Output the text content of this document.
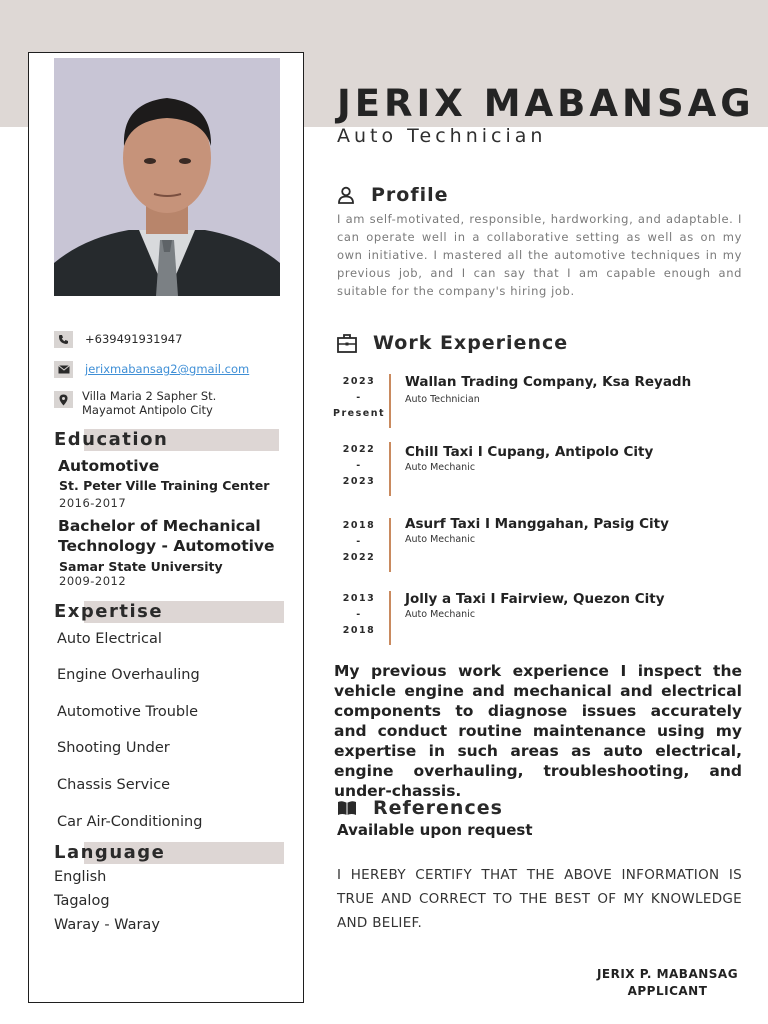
JERIX MABANSAG
Auto Technician
Profile
I am self-motivated, responsible, hardworking, and adaptable. I can operate well in a collaborative setting as well as on my own initiative. I mastered all the automotive techniques in my previous job, and I can say that I am capable enough and suitable for the company's hiring job.
Work Experience
2023
-
Present
Wallan Trading Company, Ksa Reyadh
Auto Technician
2022
-
2023
Chill Taxi I Cupang, Antipolo City
Auto Mechanic
2018
-
2022
Asurf Taxi I Manggahan, Pasig City
Auto Mechanic
2013
-
2018
Jolly a Taxi I Fairview, Quezon City
Auto Mechanic
My previous work experience I inspect the vehicle engine and mechanical and electrical components to diagnose issues accurately and conduct routine maintenance using my expertise in such areas as auto electrical, engine overhauling, troubleshooting, and under-chassis.
References
Available upon request
I HEREBY CERTIFY THAT THE ABOVE INFORMATION IS TRUE AND CORRECT TO THE BEST OF MY KNOWLEDGE AND BELIEF.
JERIX P. MABANSAG
APPLICANT
+639491931947
jerixmabansag2@gmail.com
Villa Maria 2 Sapher St.
Mayamot Antipolo City
Education
Automotive
St. Peter Ville Training Center
2016-2017
Bachelor of Mechanical Technology - Automotive
Samar State University
2009-2012
Expertise
Auto Electrical
Engine Overhauling
Automotive Trouble
Shooting Under
Chassis Service
Car Air-Conditioning
Language
English
Tagalog
Waray - Waray
